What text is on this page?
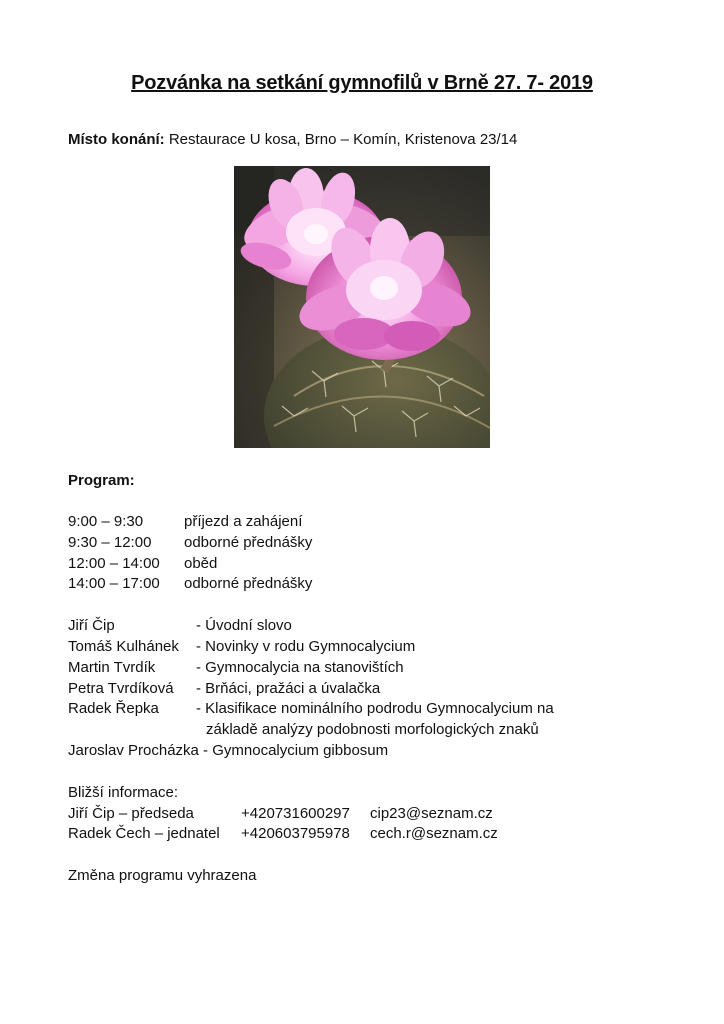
Pozvánka na setkání gymnofilů v Brně 27. 7- 2019
Místo konání: Restaurace U kosa, Brno – Komín, Kristenova 23/14
Program:
9:00 – 9:30	příjezd a zahájení
9:30 – 12:00 odborné přednášky
12:00 – 14:00 oběd
14:00 – 17:00 odborné přednášky
Jiří Čip	- Úvodní slovo
Tomáš Kulhánek - Novinky v rodu Gymnocalycium
Martin Tvrdík	- Gymnocalycia na stanovištích
Petra Tvrdíková - Brňáci, pražáci a úvalačka
Radek Řepka - Klasifikace nominálního podrodu Gymnocalycium na
základě analýzy podobnosti morfologických znaků
Jaroslav Procházka - Gymnocalycium gibbosum
Bližší informace:
Jiří Čip – předseda	+420731600297 cip23@seznam.cz
Radek Čech – jednatel +420603795978 cech.r@seznam.cz
Změna programu vyhrazena
